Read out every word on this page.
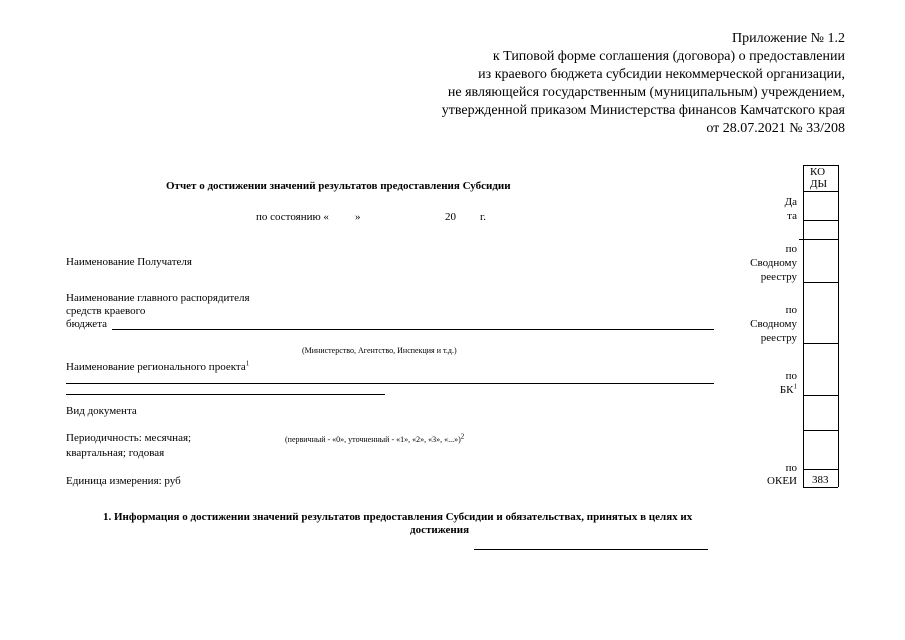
Приложение № 1.2
к Типовой форме соглашения (договора) о предоставлении
из краевого бюджета субсидии некоммерческой организации,
не являющейся государственным (муниципальным) учреждением,
утвержденной приказом Министерства финансов Камчатского края
от 28.07.2021 № 33/208
Отчет о достижении значений результатов предоставления Субсидии
по состоянию « »	20 г.
КО
ДЫ
383
Да
та
по
Сводному
реестру
по
Сводному
реестру
по
$БК^1$
по
ОКЕИ
Наименование Получателя
Наименование главного распорядителя
средств краевого
бюджета
(Министерство, Агентство, Инспекция и т.д.)
Наименование регионального проекта$^1$
Вид документа
(первичный - «0», уточненный - «1», «2», «3», «...»)$^2$
Периодичность: месячная;
квартальная; годовая
Единица измерения: руб
1. Информация о достижении значений результатов предоставления Субсидии и обязательствах, принятых в целях их
достижения
